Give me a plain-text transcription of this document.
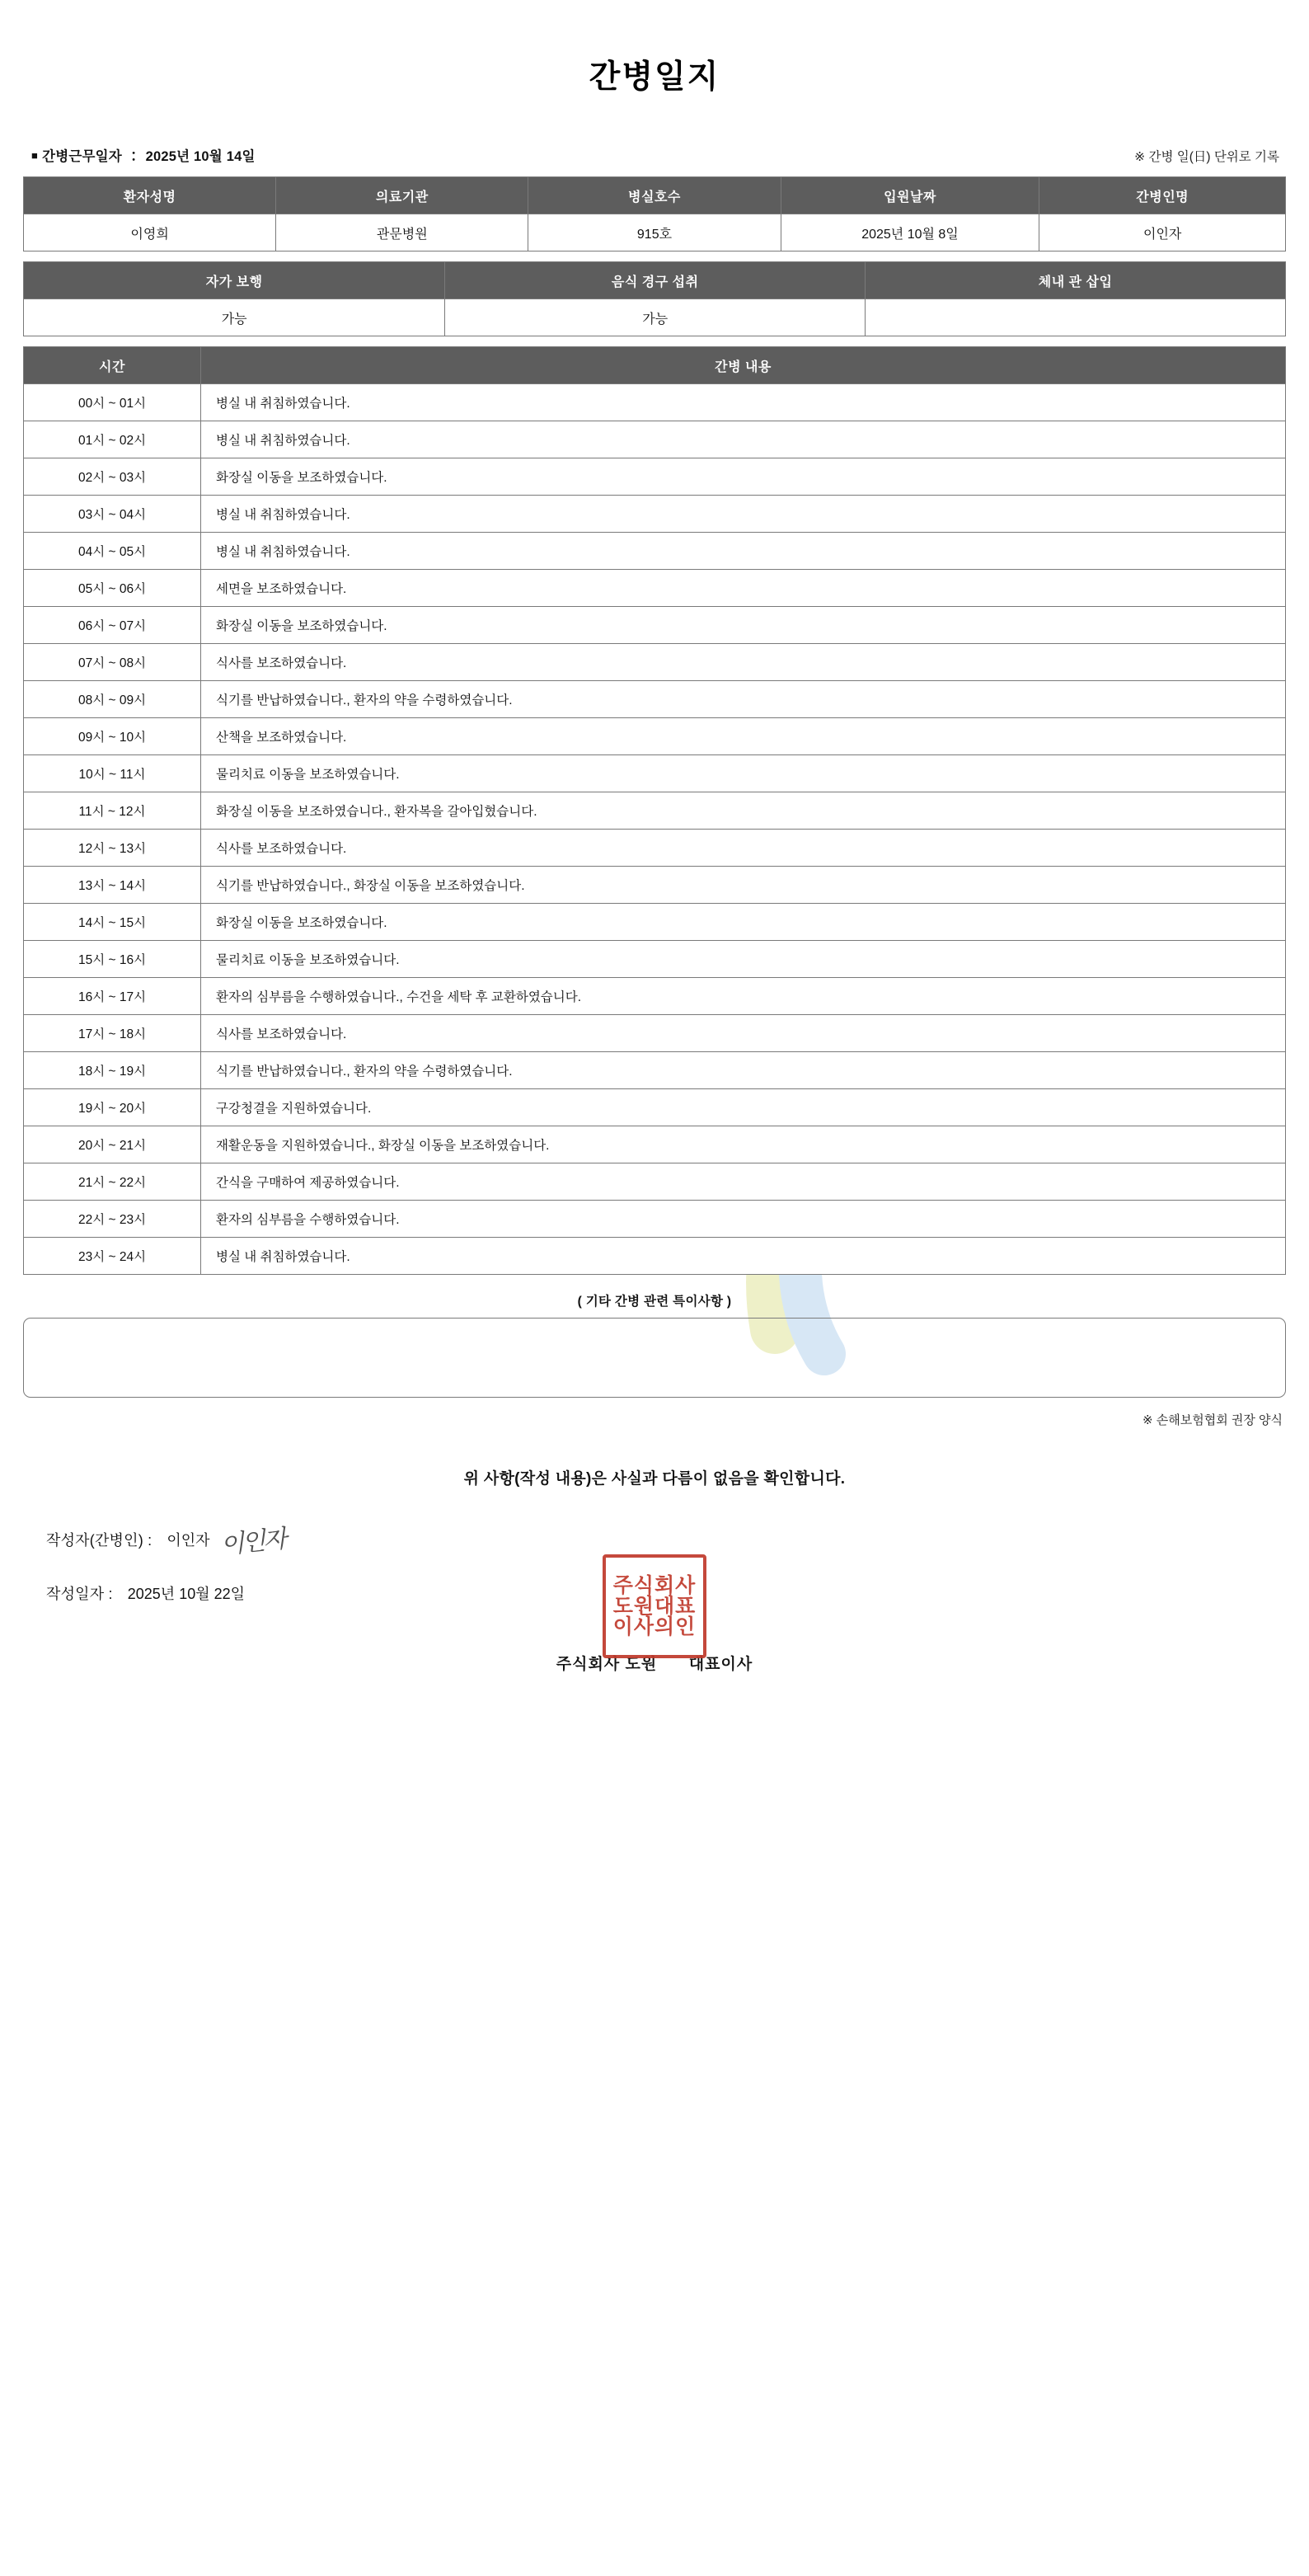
간병일지
■ 간병근무일자 ： 2025년 10월 14일	※ 간병 일(日) 단위로 기록
환자성명	의료기관	병실호수	입원날짜	간병인명
이영희	관문병원	915호	2025년 10월 8일	이인자
자가 보행	음식 경구 섭취	체내 관 삽입
가능	가능	
시간	간병 내용
00시 ~ 01시	병실 내 취침하였습니다.
01시 ~ 02시	병실 내 취침하였습니다.
02시 ~ 03시	화장실 이동을 보조하였습니다.
03시 ~ 04시	병실 내 취침하였습니다.
04시 ~ 05시	병실 내 취침하였습니다.
05시 ~ 06시	세면을 보조하였습니다.
06시 ~ 07시	화장실 이동을 보조하였습니다.
07시 ~ 08시	식사를 보조하였습니다.
08시 ~ 09시	식기를 반납하였습니다., 환자의 약을 수령하였습니다.
09시 ~ 10시	산책을 보조하였습니다.
10시 ~ 11시	물리치료 이동을 보조하였습니다.
11시 ~ 12시	화장실 이동을 보조하였습니다., 환자복을 갈아입혔습니다.
12시 ~ 13시	식사를 보조하였습니다.
13시 ~ 14시	식기를 반납하였습니다., 화장실 이동을 보조하였습니다.
14시 ~ 15시	화장실 이동을 보조하였습니다.
15시 ~ 16시	물리치료 이동을 보조하였습니다.
16시 ~ 17시	환자의 심부름을 수행하였습니다., 수건을 세탁 후 교환하였습니다.
17시 ~ 18시	식사를 보조하였습니다.
18시 ~ 19시	식기를 반납하였습니다., 환자의 약을 수령하였습니다.
19시 ~ 20시	구강청결을 지원하였습니다.
20시 ~ 21시	재활운동을 지원하였습니다., 화장실 이동을 보조하였습니다.
21시 ~ 22시	간식을 구매하여 제공하였습니다.
22시 ~ 23시	환자의 심부름을 수행하였습니다.
23시 ~ 24시	병실 내 취침하였습니다.
( 기타 간병 관련 특이사항 )
※ 손해보험협회 권장 양식
위 사항(작성 내용)은 사실과 다름이 없음을 확인합니다.
작성자(간병인) : 이인자 이인자
작성일자 : 2025년 10월 22일	주식회사
도원대표
이사의인
주식회사 도원 대표이사
